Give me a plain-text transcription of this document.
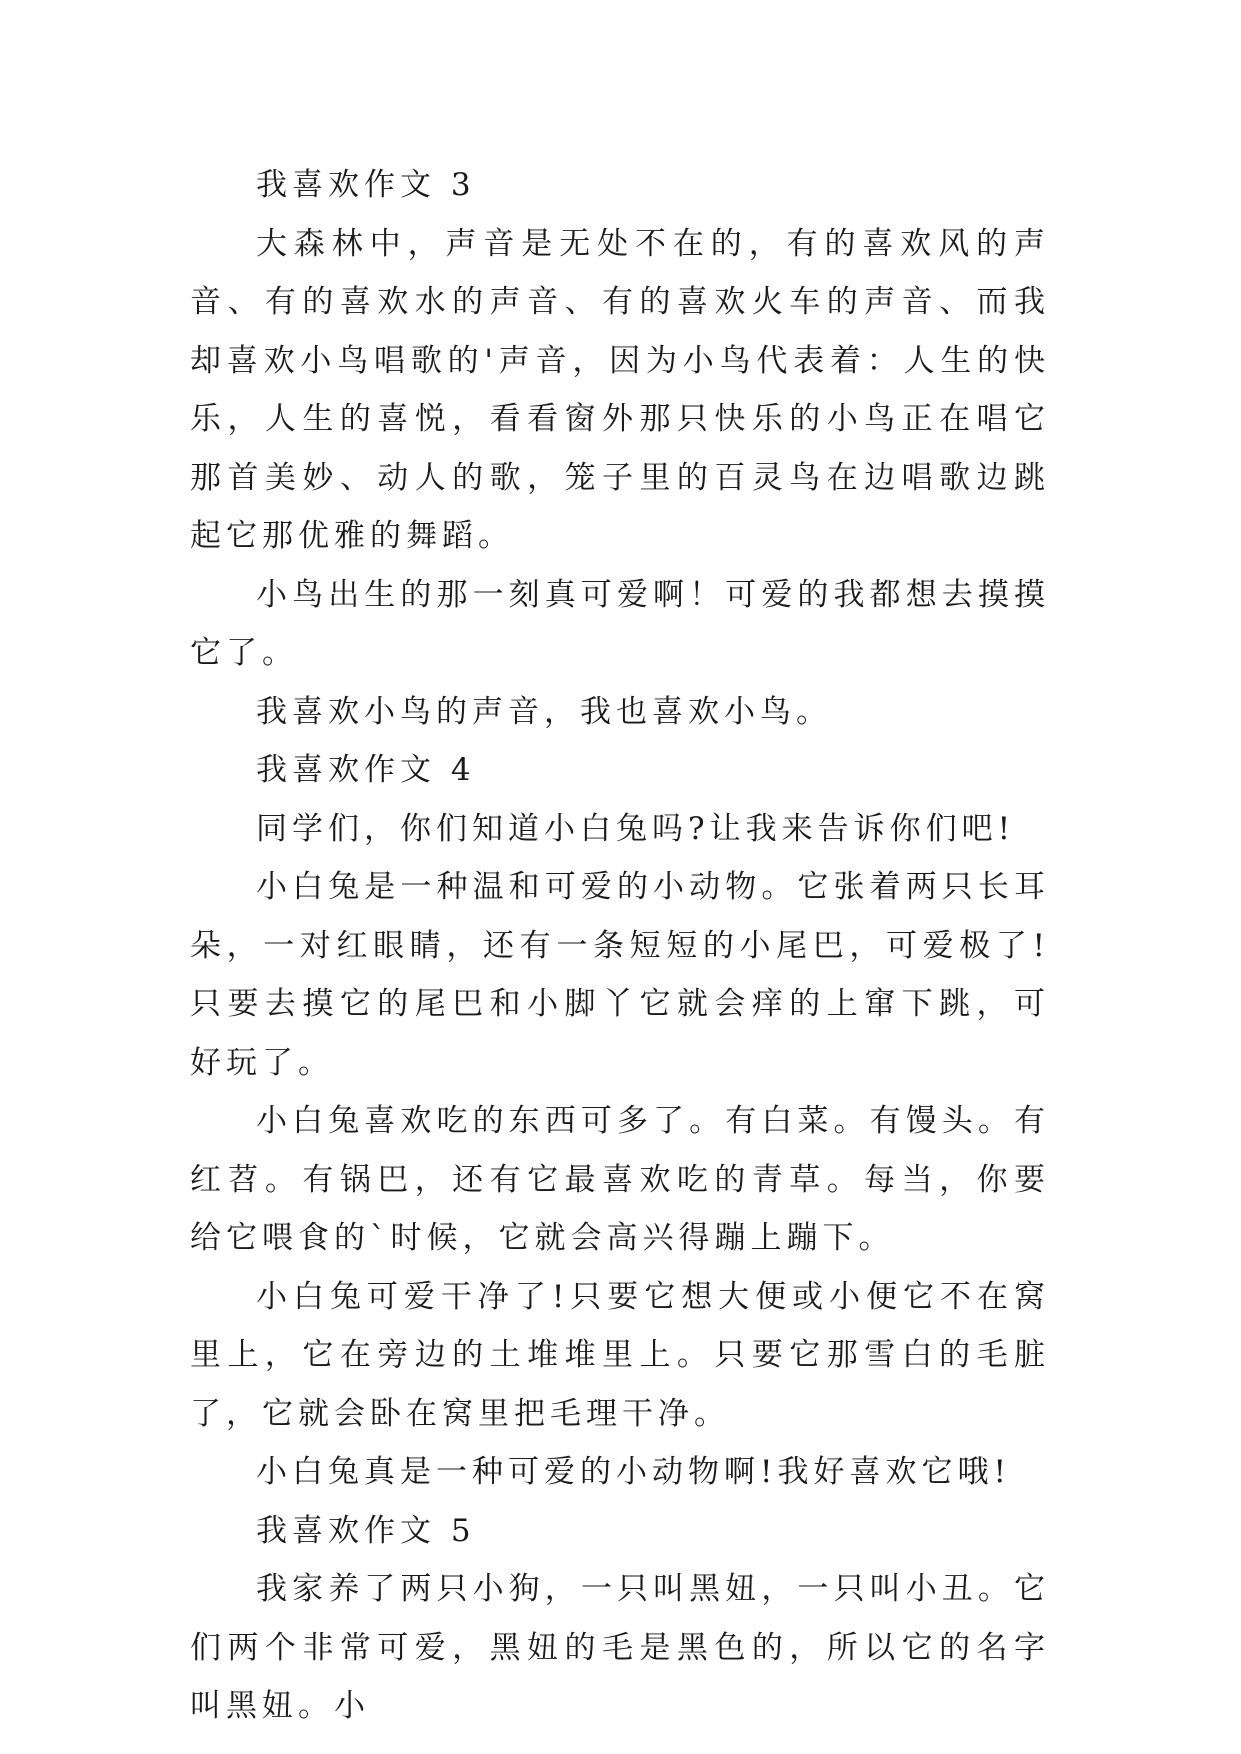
我喜欢作文 3

大森林中，声音是无处不在的，有的喜欢风的声音、有的喜欢水的声音、有的喜欢火车的声音、而我却喜欢小鸟唱歌的'声音，因为小鸟代表着：人生的快乐，人生的喜悦，看看窗外那只快乐的小鸟正在唱它那首美妙、动人的歌，笼子里的百灵鸟在边唱歌边跳起它那优雅的舞蹈。

小鸟出生的那一刻真可爱啊！可爱的我都想去摸摸它了。

我喜欢小鸟的声音，我也喜欢小鸟。

我喜欢作文 4

同学们，你们知道小白兔吗?让我来告诉你们吧!

小白兔是一种温和可爱的小动物。它张着两只长耳朵，一对红眼睛，还有一条短短的小尾巴，可爱极了!只要去摸它的尾巴和小脚丫它就会痒的上窜下跳，可好玩了。

小白兔喜欢吃的东西可多了。有白菜。有馒头。有红苕。有锅巴，还有它最喜欢吃的青草。每当，你要给它喂食的`时候，它就会高兴得蹦上蹦下。

小白兔可爱干净了!只要它想大便或小便它不在窝里上，它在旁边的土堆堆里上。只要它那雪白的毛脏了，它就会卧在窝里把毛理干净。

小白兔真是一种可爱的小动物啊!我好喜欢它哦!

我喜欢作文 5

我家养了两只小狗，一只叫黑妞，一只叫小丑。它们两个非常可爱，黑妞的毛是黑色的，所以它的名字叫黑妞。小
